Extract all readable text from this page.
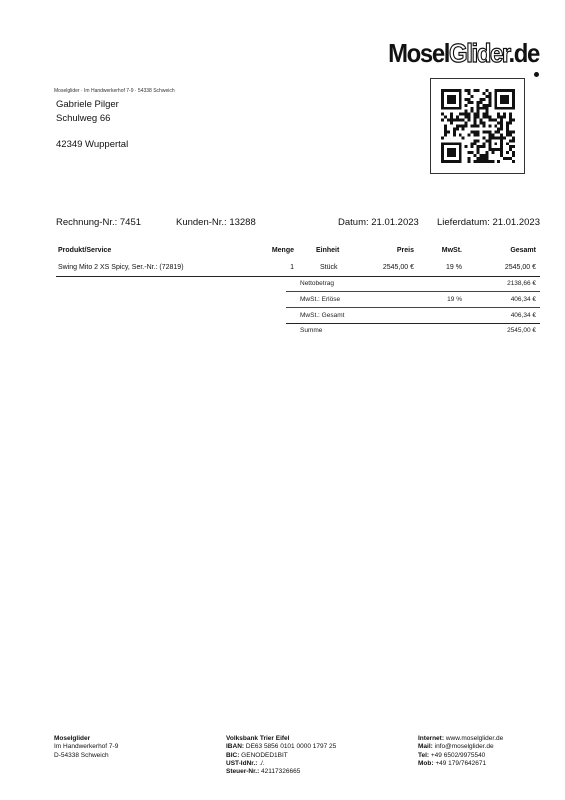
MoselGlider.de
Moselglider · Im Handwerkerhof 7-9 · 54338 Schweich
Gabriele Pilger
Schulweg 66
42349 Wuppertal
Rechnung-Nr.: 7451	Kunden-Nr.: 13288	Datum: 21.01.2023 Lieferdatum: 21.01.2023
Produkt/Service	Menge	Einheit	Preis	MwSt.	Gesamt
Swing Mito 2 XS Spicy, Ser.-Nr.: (72819)	1	Stück	2545,00 €	19 %	2545,00 €
Nettobetrag	2138,66 €
MwSt.: Erlöse	19 %	406,34 €
MwSt.: Gesamt	406,34 €
Summe	2545,00 €
Moselglider
Im Handwerkerhof 7-9
D-54338 Schweich
Volksbank Trier Eifel
IBAN: DE63 5856 0101 0000 1797 25
BIC: GENODED1BIT
UST-IdNr.: ./.
Steuer-Nr.: 42117326665
Internet: www.moselglider.de
Mail: info@moselglider.de
Tel: +49 6502/9975540
Mob: +49 179/7642671
